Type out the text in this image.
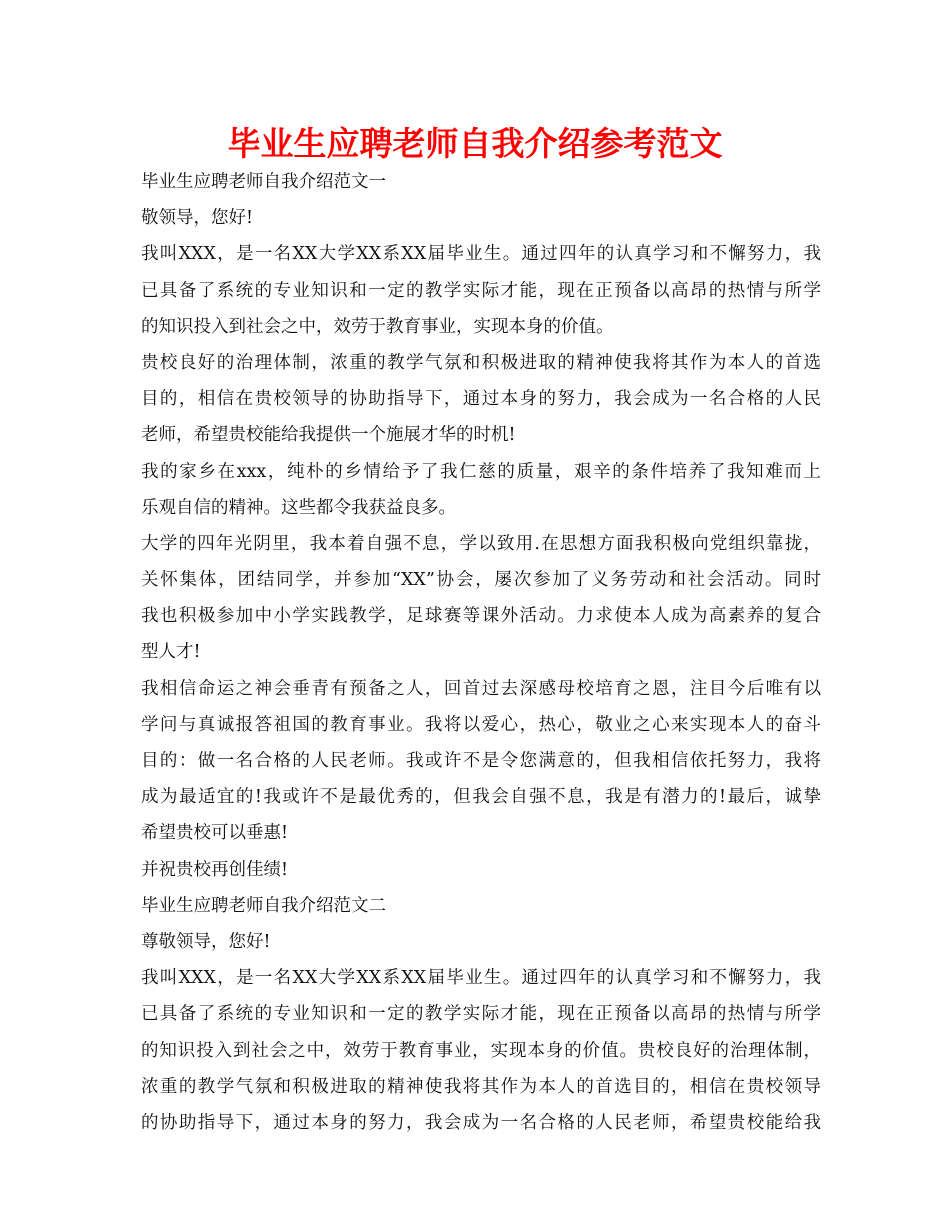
毕业生应聘老师自我介绍参考范文
毕业生应聘老师自我介绍范文一
敬领导，您好!
我叫XXX，是一名XX大学XX系XX届毕业生。通过四年的认真学习和不懈努力，我
已具备了系统的专业知识和一定的教学实际才能，现在正预备以高昂的热情与所学
的知识投入到社会之中，效劳于教育事业，实现本身的价值。
贵校良好的治理体制，浓重的教学气氛和积极进取的精神使我将其作为本人的首选
目的，相信在贵校领导的协助指导下，通过本身的努力，我会成为一名合格的人民
老师，希望贵校能给我提供一个施展才华的时机!
我的家乡在xxx，纯朴的乡情给予了我仁慈的质量，艰辛的条件培养了我知难而上
乐观自信的精神。这些都令我获益良多。
大学的四年光阴里，我本着自强不息，学以致用.在思想方面我积极向党组织靠拢，
关怀集体，团结同学，并参加“XX”协会，屡次参加了义务劳动和社会活动。同时
我也积极参加中小学实践教学，足球赛等课外活动。力求使本人成为高素养的复合
型人才!
我相信命运之神会垂青有预备之人，回首过去深感母校培育之恩，注目今后唯有以
学问与真诚报答祖国的教育事业。我将以爱心，热心，敬业之心来实现本人的奋斗
目的：做一名合格的人民老师。我或许不是令您满意的，但我相信依托努力，我将
成为最适宜的!我或许不是最优秀的，但我会自强不息，我是有潜力的!最后，诚挚
希望贵校可以垂惠!
并祝贵校再创佳绩!
毕业生应聘老师自我介绍范文二
尊敬领导，您好!
我叫XXX，是一名XX大学XX系XX届毕业生。通过四年的认真学习和不懈努力，我
已具备了系统的专业知识和一定的教学实际才能，现在正预备以高昂的热情与所学
的知识投入到社会之中，效劳于教育事业，实现本身的价值。贵校良好的治理体制，
浓重的教学气氛和积极进取的精神使我将其作为本人的首选目的，相信在贵校领导
的协助指导下，通过本身的努力，我会成为一名合格的人民老师，希望贵校能给我
